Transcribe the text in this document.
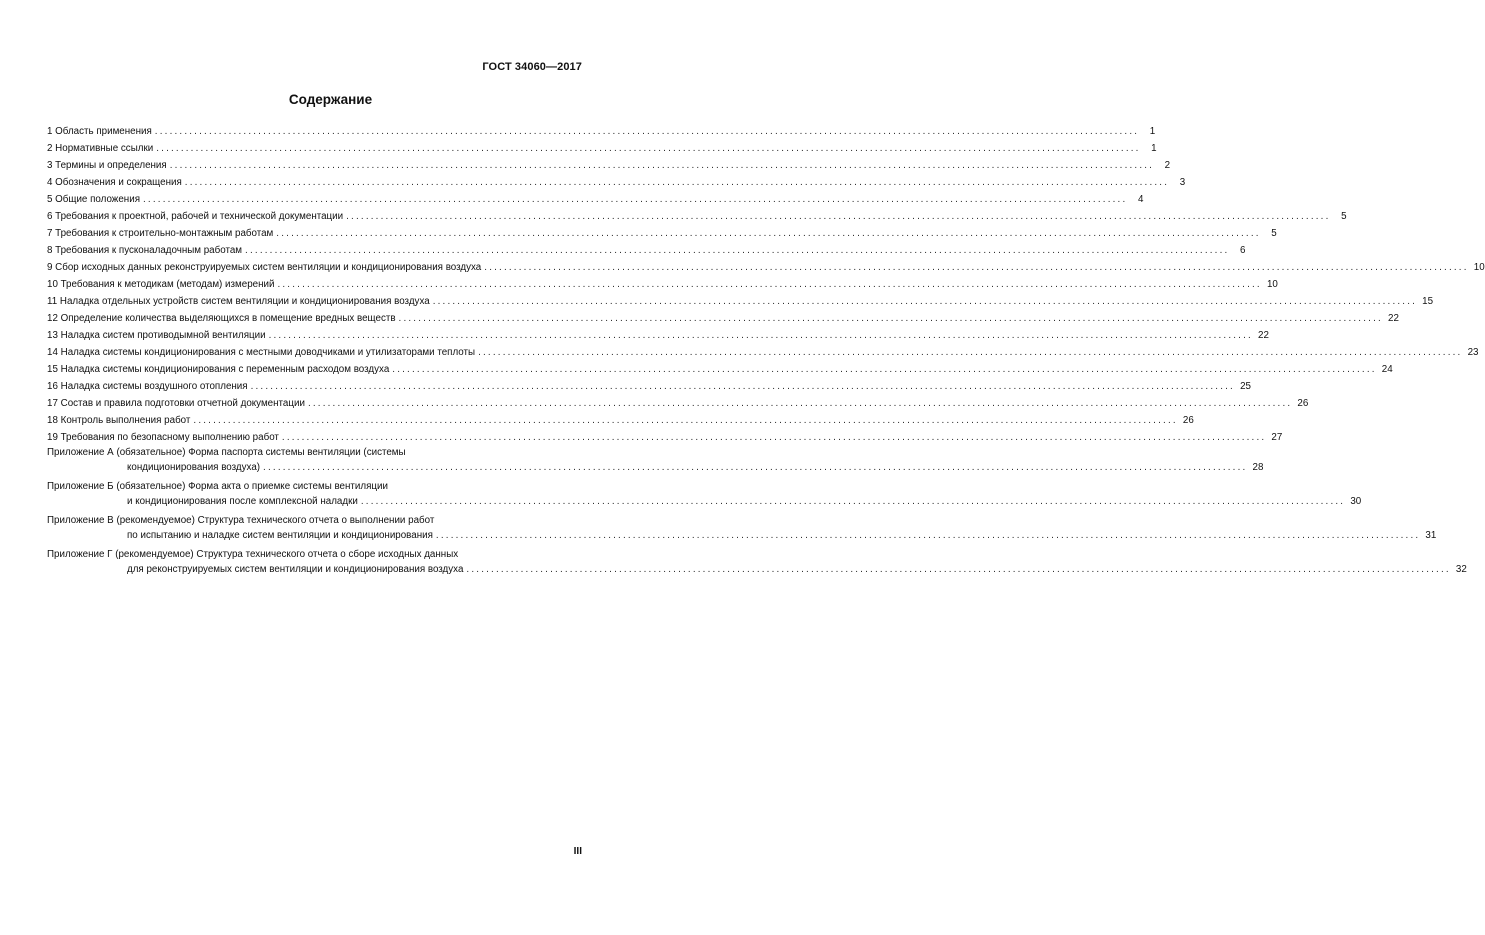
ГОСТ 34060—2017
Содержание
1 Область применения ........................................................................................................................................................................................................	1
2 Нормативные ссылки ........................................................................................................................................................................................................	1
3 Термины и определения ........................................................................................................................................................................................................	2
4 Обозначения и сокращения ........................................................................................................................................................................................................	3
5 Общие положения ........................................................................................................................................................................................................	4
6 Требования к проектной, рабочей и технической документации ........................................................................................................................................................................................................	5
7 Требования к строительно-монтажным работам ........................................................................................................................................................................................................	5
8 Требования к пусконаладочным работам ........................................................................................................................................................................................................	6
9 Сбор исходных данных реконструируемых систем вентиляции и кондиционирования воздуха ........................................................................................................................................................................................................ 10
10 Требования к методикам (методам) измерений ........................................................................................................................................................................................................ 10
11 Наладка отдельных устройств систем вентиляции и кондиционирования воздуха ........................................................................................................................................................................................................ 15
12 Определение количества выделяющихся в помещение вредных веществ ........................................................................................................................................................................................................ 22
13 Наладка систем противодымной вентиляции ........................................................................................................................................................................................................ 22
14 Наладка системы кондиционирования с местными доводчиками и утилизаторами теплоты ........................................................................................................................................................................................................ 23
15 Наладка системы кондиционирования с переменным расходом воздуха ........................................................................................................................................................................................................ 24
16 Наладка системы воздушного отопления ........................................................................................................................................................................................................ 25
17 Состав и правила подготовки отчетной документации ........................................................................................................................................................................................................ 26
18 Контроль выполнения работ ........................................................................................................................................................................................................ 26
19 Требования по безопасному выполнению работ ........................................................................................................................................................................................................ 27
Приложение А (обязательное) Форма паспорта системы вентиляции (системы
кондиционирования воздуха) ........................................................................................................................................................................................................ 28
Приложение Б (обязательное) Форма акта о приемке системы вентиляции
и кондиционирования после комплексной наладки ........................................................................................................................................................................................................ 30
Приложение В (рекомендуемое) Структура технического отчета о выполнении работ
по испытанию и наладке систем вентиляции и кондиционирования ........................................................................................................................................................................................................ 31
Приложение Г (рекомендуемое) Структура технического отчета о сборе исходных данных
для реконструируемых систем вентиляции и кондиционирования воздуха ........................................................................................................................................................................................................ 32
III
